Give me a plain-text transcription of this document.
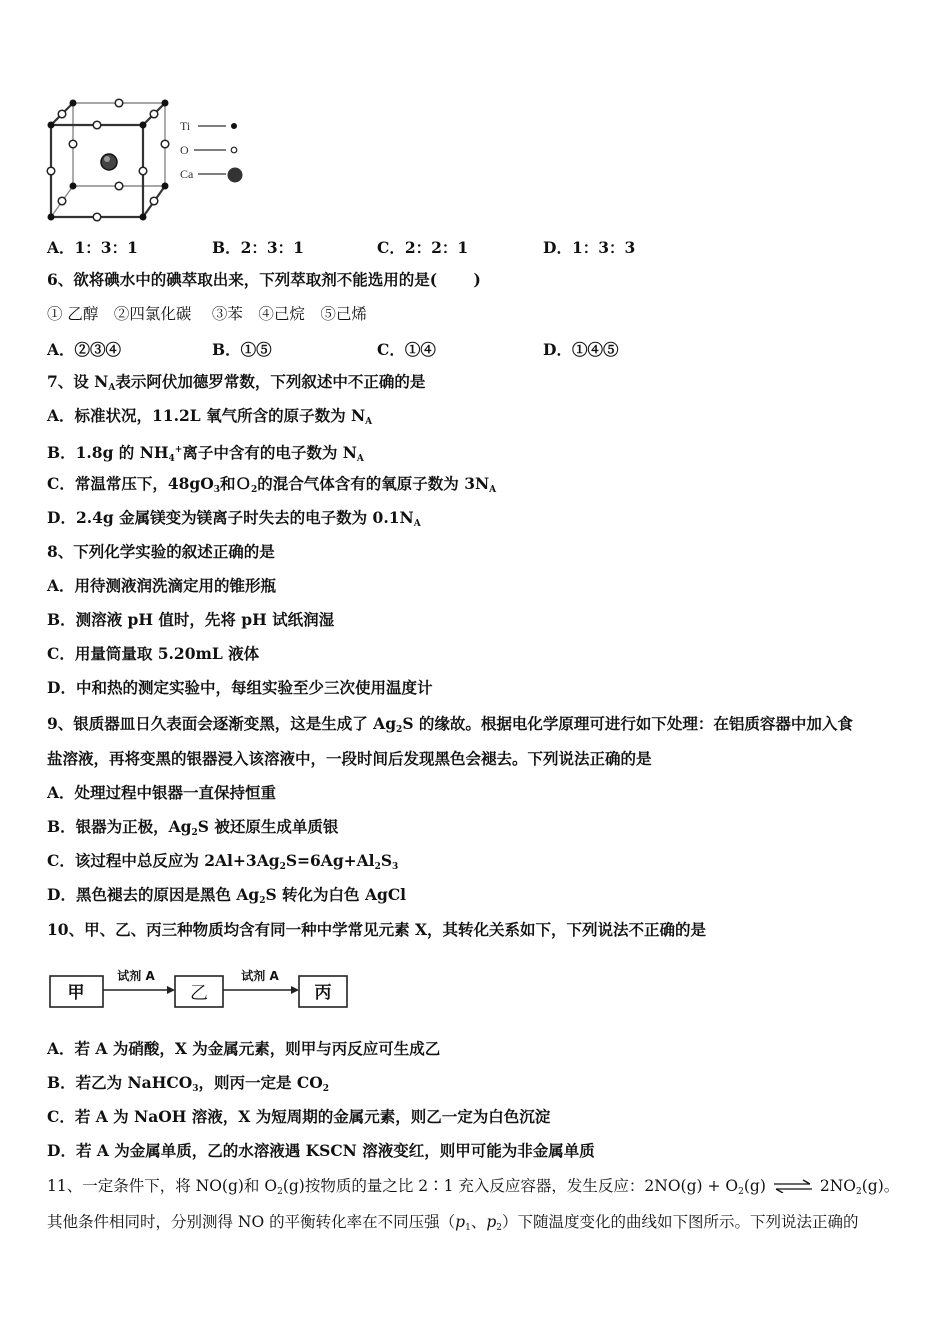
Ti
O
Ca
A．1：3：1	B．2：3：1	C．2：2：1	D．1：3：3
6、欲将碘水中的碘萃取出来，下列萃取剂不能选用的是(　　 )
① 乙醇　②四氯化碳　 ③苯　④己烷　⑤己烯
A．②③④	B．①⑤	C．①④	D．①④⑤
7、设 $N_A$表示阿伏加德罗常数，下列叙述中不正确的是
A．标准状况，11.2L 氧气所含的原子数为 $N_A$
B．1.8g 的 $NH_4^+$离子中含有的电子数为 $N_A$
C．常温常压下，$48gO_3$和Ｏ$_2$的混合气体含有的氧原子数为 $3N_A$
D．2.4g 金属镁变为镁离子时失去的电子数为 $0.1N_A$
8、下列化学实验的叙述正确的是
A．用待测液润洗滴定用的锥形瓶
B．测溶液 pH 值时，先将 pH 试纸润湿
C．用量筒量取 5.20mL 液体
D．中和热的测定实验中，每组实验至少三次使用温度计
9、银质器皿日久表面会逐渐变黑，这是生成了 $Ag_2S$ 的缘故。根据电化学原理可进行如下处理：在铝质容器中加入食
盐溶液，再将变黑的银器浸入该溶液中，一段时间后发现黑色会褪去。下列说法正确的是
A．处理过程中银器一直保持恒重
B．银器为正极，$Ag_2S$ 被还原生成单质银
C．该过程中总反应为 $2Al+3Ag_2S=6Ag+Al_2S_3$
D．黑色褪去的原因是黑色 $Ag_2S$ 转化为白色 AgCl
10、甲、乙、丙三种物质均含有同一种中学常见元素 X，其转化关系如下，下列说法不正确的是
甲	乙	丙
试剂 A	试剂 A
A．若 A 为硝酸，X 为金属元素，则甲与丙反应可生成乙
B．若乙为 NaHCO$_3$，则丙一定是 $CO_2$
C．若 A 为 NaOH 溶液，X 为短周期的金属元素，则乙一定为白色沉淀
D．若 A 为金属单质，乙的水溶液遇 KSCN 溶液变红，则甲可能为非金属单质
11、一定条件下，将 NO(g)和 $O_2(g)$按物质的量之比 2∶1 充入反应容器，发生反应：$2NO(g) + O_2(g)$ ⇌ $2NO_2(g)$。
其他条件相同时，分别测得 NO 的平衡转化率在不同压强（$p_1$、$p_2$）下随温度变化的曲线如下图所示。下列说法正确的
